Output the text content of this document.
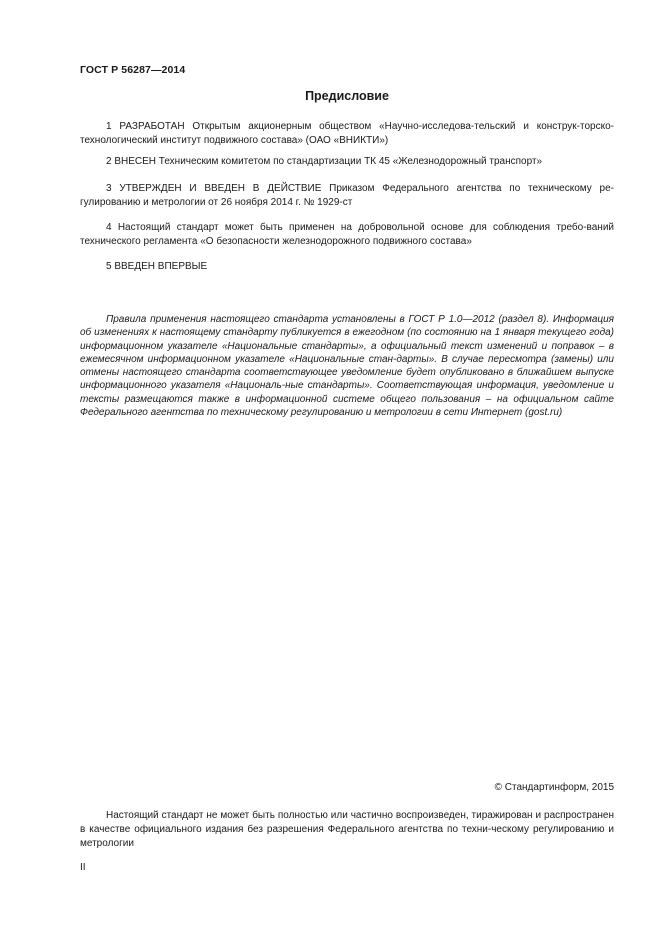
ГОСТ Р 56287—2014
Предисловие

1 РАЗРАБОТАН Открытым акционерным обществом «Научно-исследова-тельский и конструк-торско-технологический институт подвижного состава» (ОАО «ВНИКТИ»)

2 ВНЕСЕН Техническим комитетом по стандартизации ТК 45 «Железнодорожный транспорт»

3 УТВЕРЖДЕН И ВВЕДЕН В ДЕЙСТВИЕ Приказом Федерального агентства по техническому ре-гулированию и метрологии от 26 ноября 2014 г. № 1929-ст

4 Настоящий стандарт может быть применен на добровольной основе для соблюдения требо-ваний технического регламента «О безопасности железнодорожного подвижного состава»

5 ВВЕДЕН ВПЕРВЫЕ

Правила применения настоящего стандарта установлены в ГОСТ Р 1.0—2012 (раздел 8). Информация об изменениях к настоящему стандарту публикуется в ежегодном (по состоянию на 1 января текущего года) информационном указателе «Национальные стандарты», а официальный текст изменений и поправок – в ежемесячном информационном указателе «Национальные стан-дарты». В случае пересмотра (замены) или отмены настоящего стандарта соответствующее уведомление будет опубликовано в ближайшем выпуске информационного указателя «Националь-ные стандарты». Соответствующая информация, уведомление и тексты размещаются также в информационной системе общего пользования – на официальном сайте Федерального агентства по техническому регулированию и метрологии в сети Интернет (gost.ru)

© Стандартинформ, 2015

Настоящий стандарт не может быть полностью или частично воспроизведен, тиражирован и распространен в качестве официального издания без разрешения Федерального агентства по техни-ческому регулированию и метрологии

II
